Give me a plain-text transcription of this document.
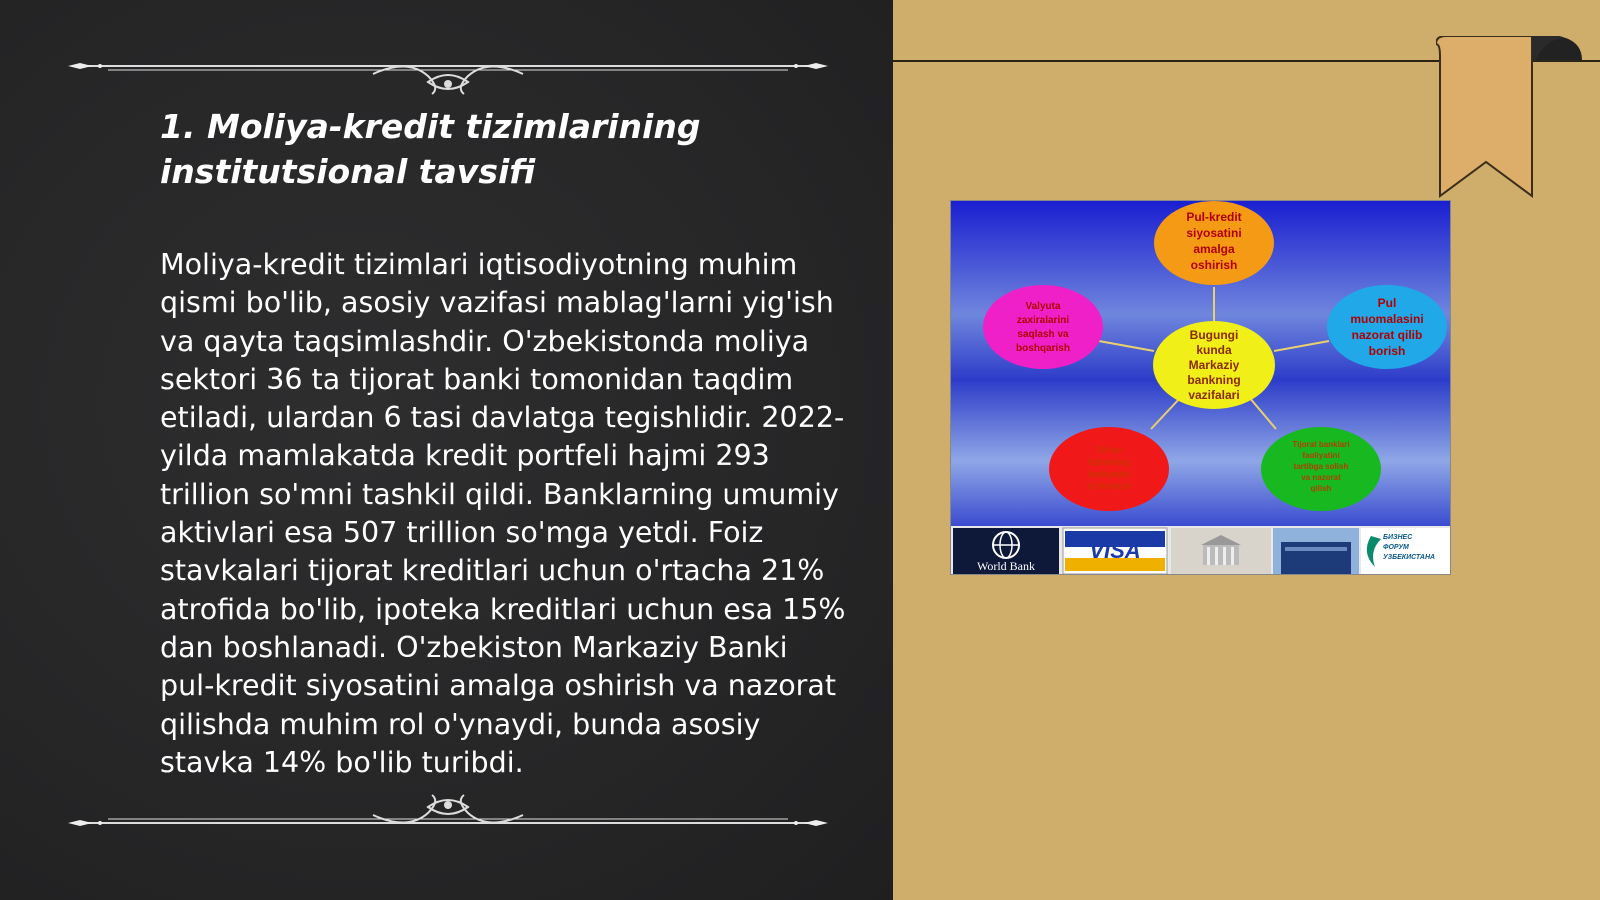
1. Moliya-kredit tizimlarining
institutsional tavsifi

Moliya-kredit tizimlari iqtisodiyotning muhim qismi bo'lib, asosiy vazifasi mablag'larni yig'ish va qayta taqsimlashdir. O'zbekistonda moliya sektori 36 ta tijorat banki tomonidan taqdim etiladi, ulardan 6 tasi davlatga tegishlidir. 2022-yilda mamlakatda kredit portfeli hajmi 293 trillion so'mni tashkil qildi. Banklarning umumiy aktivlari esa 507 trillion so'mga yetdi. Foiz stavkalari tijorat kreditlari uchun o'rtacha 21% atrofida bo'lib, ipoteka kreditlari uchun esa 15% dan boshlanadi. O'zbekiston Markaziy Banki pul-kredit siyosatini amalga oshirish va nazorat qilishda muhim rol o'ynaydi, bunda asosiy stavka 14% bo'lib turibdi.

Pul-kredit siyosatini amalga oshirish
Bugungi kunda Markaziy bankning vazifalari
Pul muomalasini nazorat qilib borish
Valyuta zaxiralarini saqlash va boshqarish
To'lov tizimining faoliyatini ta'minlash
Tijorat banklari faoliyatini tartibga solish va nazorat qilish
World Bank
VISA
БИЗНЕС
ФОРУМ
УЗБЕКИСТАНА
